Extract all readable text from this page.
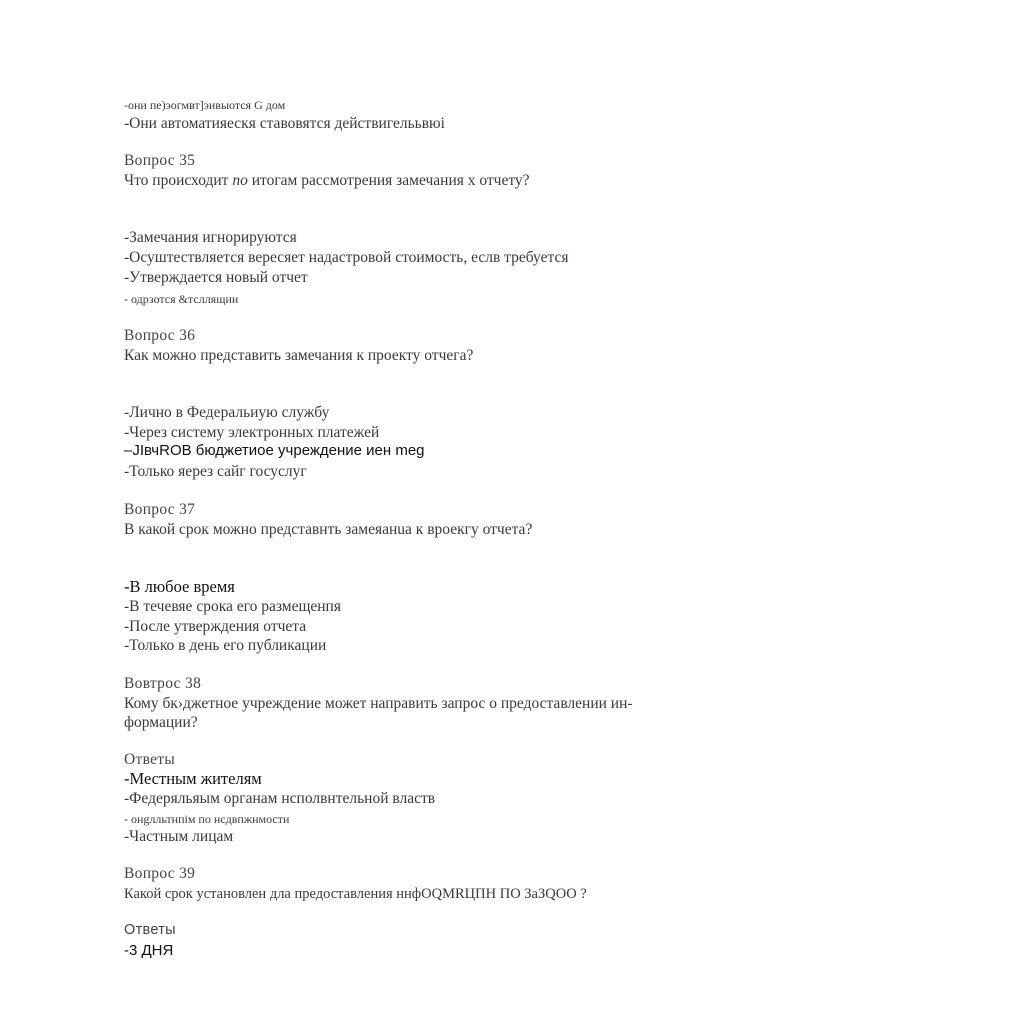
-они пе)эогмвт]эивыотся G дом
-Они автоматияескя ставовятся действигелььвюі
Вопрос 35
Что происходит по итогам рассмотрения замечания х отчету?
-Замечания игнорируются
-Осуштествляется вересяет надастровой стоимость, еслв требуется
-Утверждается новый отчет
- одрзотся &тсллящии
Вопрос 36
Как можно представить замечания к проекту отчега?
-Лично в Федеральиую службу
-Через систему электронных платежей
–JIвчROB бюджетиое учреждение иен meg
-Только яерез сайг госуслуг
Вопрос 37
В какой срок можно представнть замеяанuа к вроекгу отчета?
-В любое время
-В течевяе срока его размещенпя
-После утверждения отчета
-Только в день его публикации
Вовтрос 38
Кому бк›джетное учреждение может направить запрос о предоставлении ин-
формации?
Ответы
-Местным жителям
-Федеряльяым органам нсполвнтельной властв
- онgлльтнпім по нсдвпжнмости
-Частным лицам
Вопрос 39
Какой срок установлен дла предоставления ннфОQМRЦПН ПО ЗаЗQОО ?
Ответы
-3 ДНЯ
